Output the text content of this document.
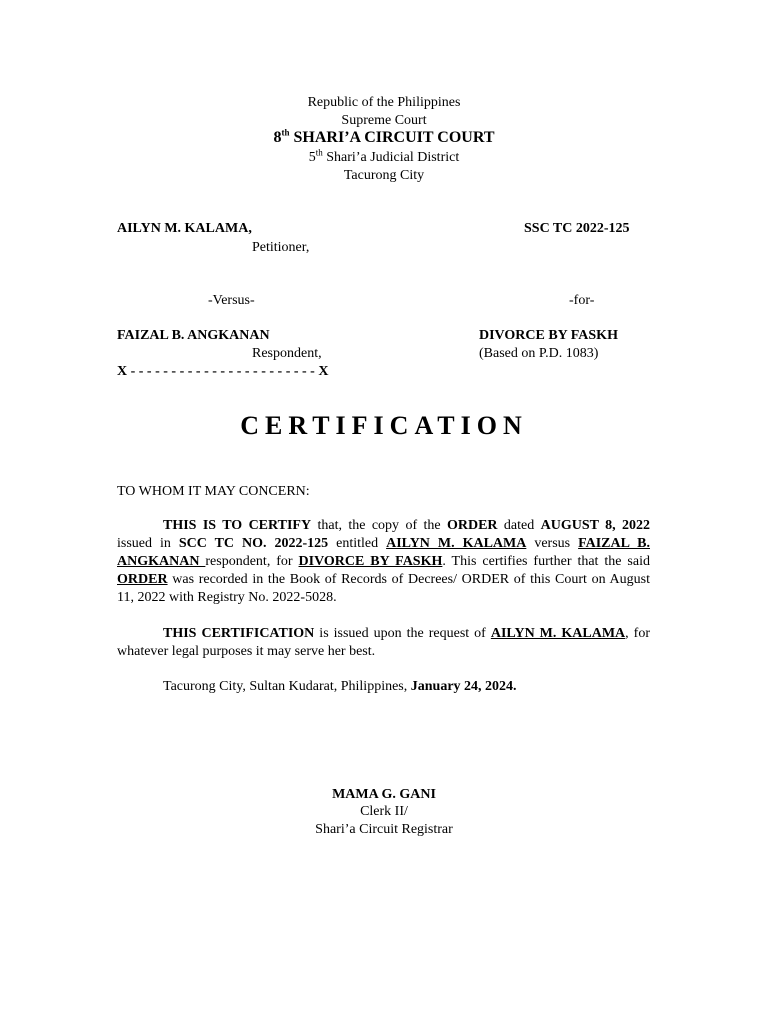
Republic of the Philippines
Supreme Court
8th SHARI’A CIRCUIT COURT
5th Shari’a Judicial District
Tacurong City
AILYN M. KALAMA,	SSC TC 2022-125
Petitioner,
-Versus-	-for-
FAIZAL B. ANGKANAN	DIVORCE BY FASKH
Respondent,	(Based on P.D. 1083)
X - - - - - - - - - - - - - - - - - - - - - - - X
CERTIFICATION
TO WHOM IT MAY CONCERN:
THIS IS TO CERTIFY that, the copy of the ORDER dated AUGUST 8, 2022 issued in SCC TC NO. 2022-125 entitled AILYN M. KALAMA versus FAIZAL B. ANGKANAN respondent, for DIVORCE BY FASKH. This certifies further that the said ORDER was recorded in the Book of Records of Decrees/ ORDER of this Court on August 11, 2022 with Registry No. 2022-5028.
THIS CERTIFICATION is issued upon the request of AILYN M. KALAMA, for whatever legal purposes it may serve her best.
Tacurong City, Sultan Kudarat, Philippines, January 24, 2024.
MAMA G. GANI
Clerk II/
Shari’a Circuit Registrar
